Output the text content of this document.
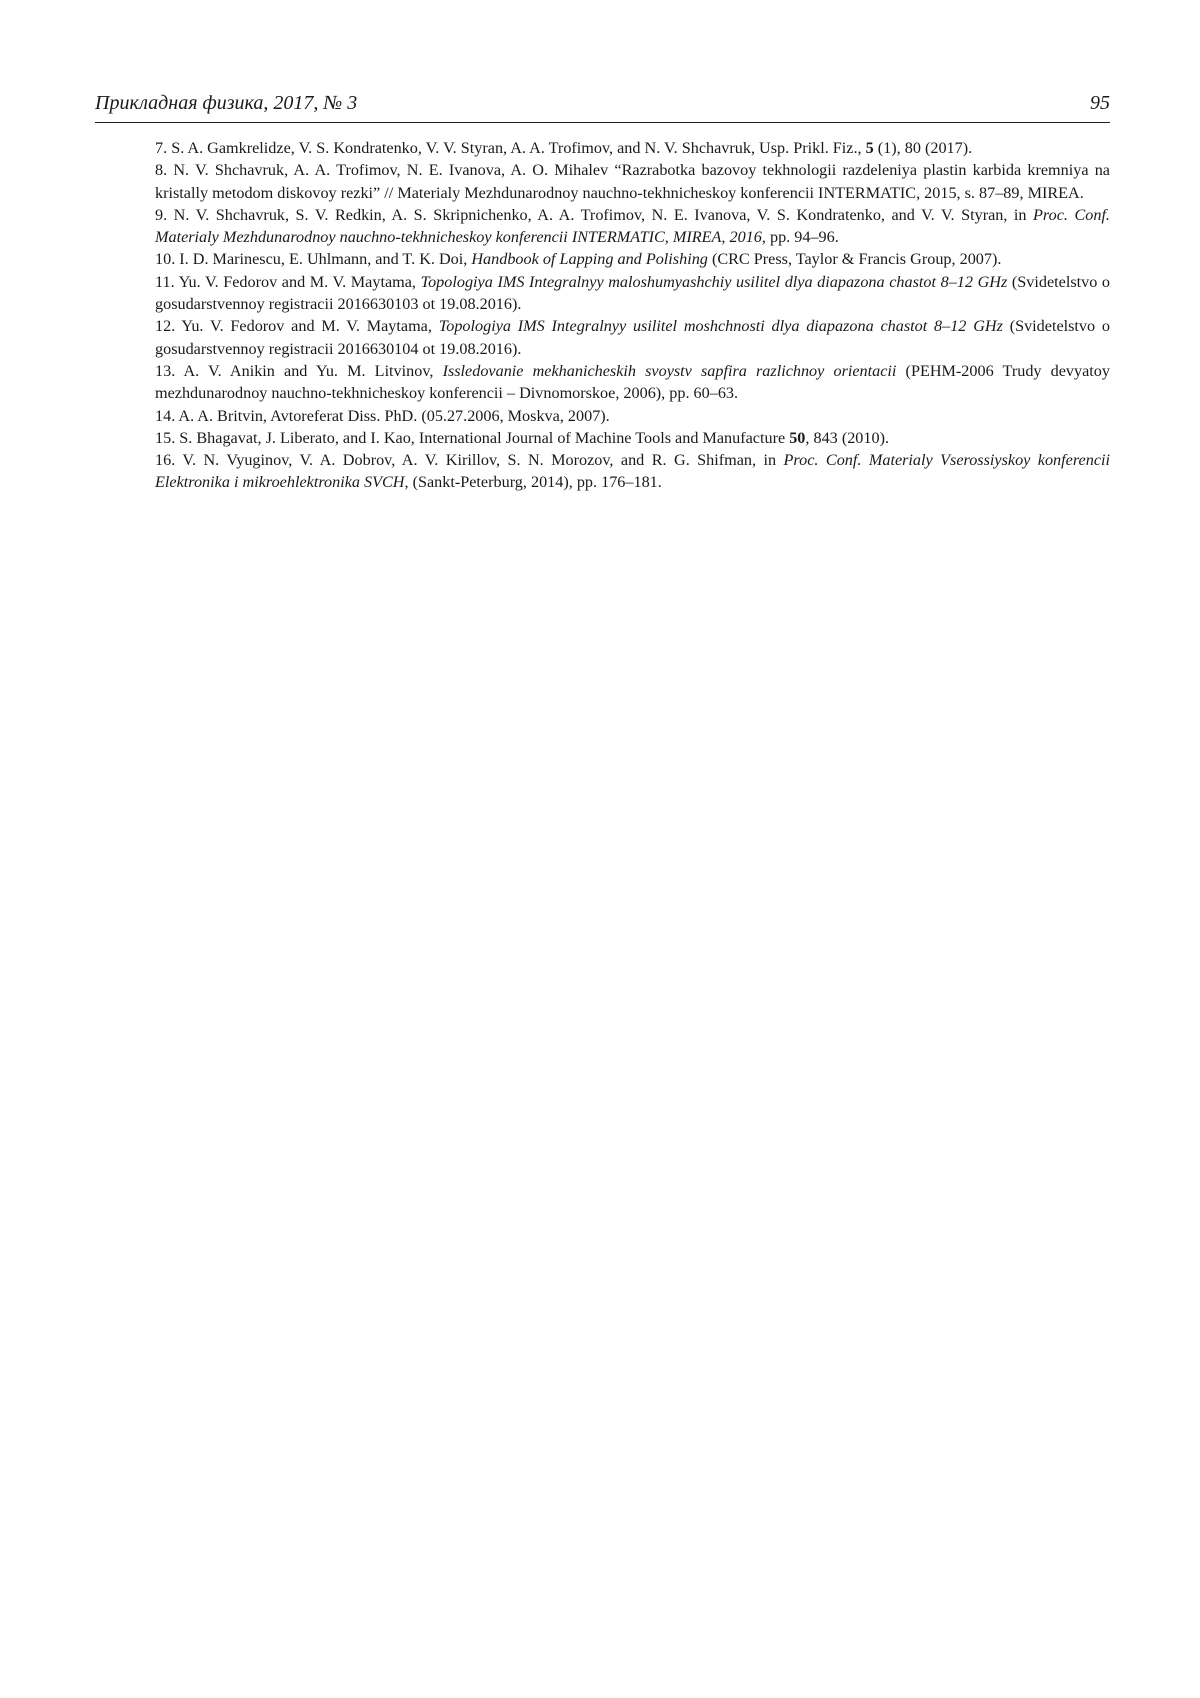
Прикладная физика, 2017, № 3	95

7. S. A. Gamkrelidze, V. S. Kondratenko, V. V. Styran, A. A. Trofimov, and N. V. Shchavruk, Usp. Prikl. Fiz., 5 (1), 80 (2017).

8. N. V. Shchavruk, A. A. Trofimov, N. E. Ivanova, A. O. Mihalev “Razrabotka bazovoy tekhnologii razdeleniya plastin karbida kremniya na kristally metodom diskovoy rezki” // Materialy Mezhdunarodnoy nauchno-tekhnicheskoy konferencii INTERMATIC, 2015, s. 87–89, MIREA.

9. N. V. Shchavruk, S. V. Redkin, A. S. Skripnichenko, A. A. Trofimov, N. E. Ivanova, V. S. Kondratenko, and V. V. Styran, in Proc. Conf. Materialy Mezhdunarodnoy nauchno-tekhnicheskoy konferencii INTERMATIC, MIREA, 2016, pp. 94–96.

10. I. D. Marinescu, E. Uhlmann, and T. K. Doi, Handbook of Lapping and Polishing (CRC Press, Taylor & Francis Group, 2007).

11. Yu. V. Fedorov and M. V. Maytama, Topologiya IMS Integralnyy maloshumyashchiy usilitel dlya diapazona chastot 8–12 GHz (Svidetelstvo o gosudarstvennoy registracii 2016630103 ot 19.08.2016).

12. Yu. V. Fedorov and M. V. Maytama, Topologiya IMS Integralnyy usilitel moshchnosti dlya diapazona chastot 8–12 GHz (Svidetelstvo o gosudarstvennoy registracii 2016630104 ot 19.08.2016).

13. A. V. Anikin and Yu. M. Litvinov, Issledovanie mekhanicheskih svoystv sapfira razlichnoy orientacii (PEHM-2006 Trudy devyatoy mezhdunarodnoy nauchno-tekhnicheskoy konferencii – Divnomorskoe, 2006), pp. 60–63.

14. A. A. Britvin, Avtoreferat Diss. PhD. (05.27.2006, Moskva, 2007).

15. S. Bhagavat, J. Liberato, and I. Kao, International Journal of Machine Tools and Manufacture 50, 843 (2010).

16. V. N. Vyuginov, V. A. Dobrov, A. V. Kirillov, S. N. Morozov, and R. G. Shifman, in Proc. Conf. Materialy Vserossiyskoy konferencii Elektronika i mikroehlektronika SVCH, (Sankt-Peterburg, 2014), pp. 176–181.
